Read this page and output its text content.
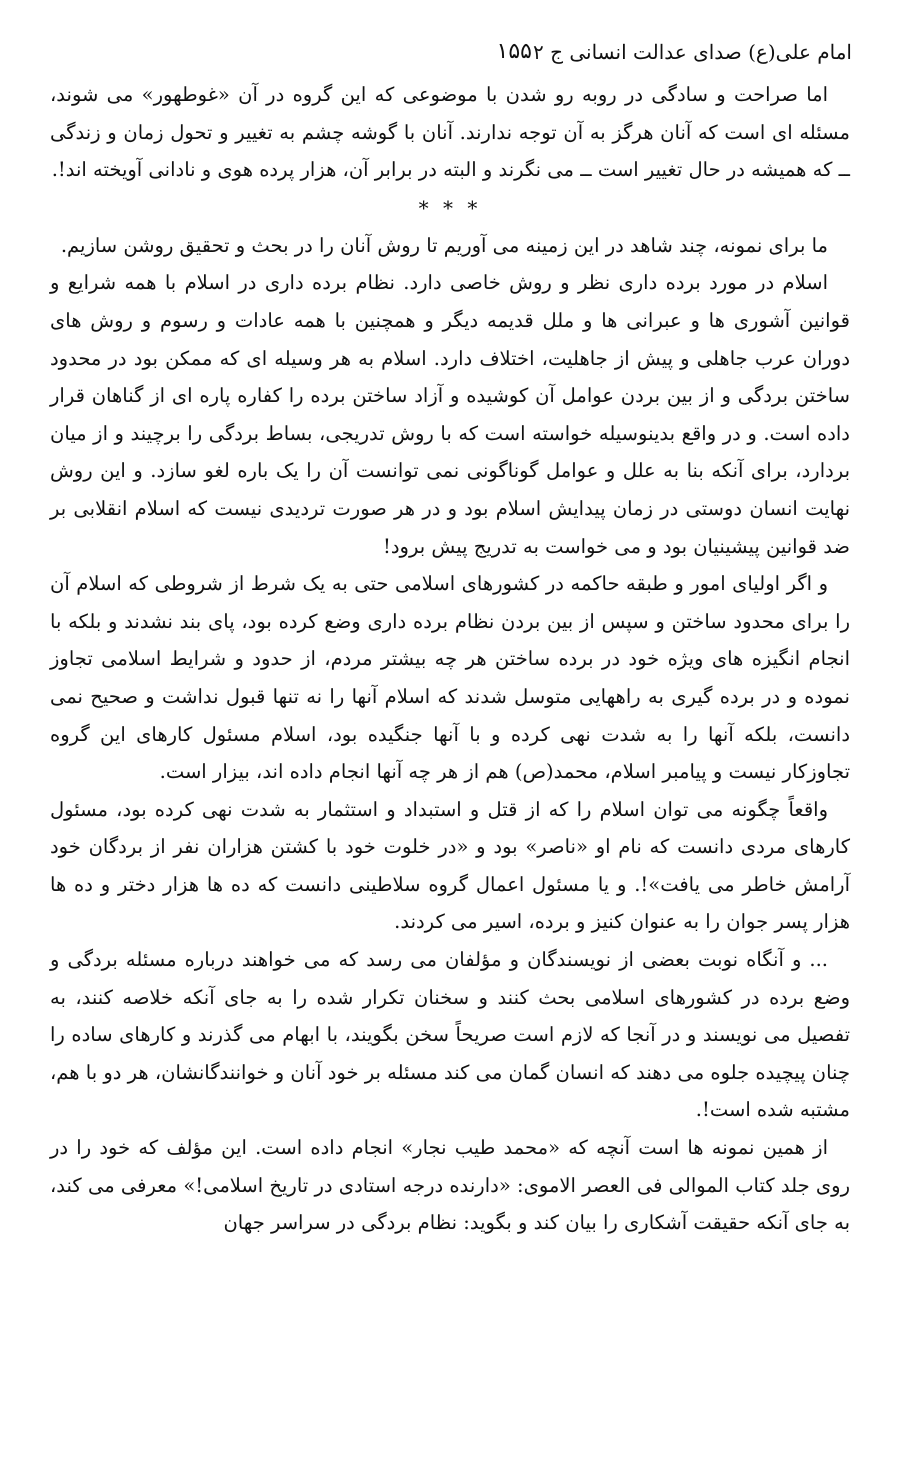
امام علی(ع) صدای عدالت انسانی ج ۲
۱۵۵

اما صراحت و سادگی در روبه رو شدن با موضوعی که این گروه در آن «غوطهور» می شوند، مسئله ای است که آنان هرگز به آن توجه ندارند. آنان با گوشه چشم به تغییر و تحول زمان و زندگی ــ که همیشه در حال تغییر است ــ می نگرند و البته در برابر آن، هزار پرده هوی و نادانی آویخته اند!.

* * *

ما برای نمونه، چند شاهد در این زمینه می آوریم تا روش آنان را در بحث و تحقیق روشن سازیم.

اسلام در مورد برده داری نظر و روش خاصی دارد. نظام برده داری در اسلام با همه شرایع و قوانین آشوری ها و عبرانی ها و ملل قدیمه دیگر و همچنین با همه عادات و رسوم و روش های دوران عرب جاهلی و پیش از جاهلیت، اختلاف دارد. اسلام به هر وسیله ای که ممکن بود در محدود ساختن بردگی و از بین بردن عوامل آن کوشیده و آزاد ساختن برده را کفاره پاره ای از گناهان قرار داده است. و در واقع بدینوسیله خواسته است که با روش تدریجی، بساط بردگی را برچیند و از میان بردارد، برای آنکه بنا به علل و عوامل گوناگونی نمی توانست آن را یک باره لغو سازد. و این روش نهایت انسان دوستی در زمان پیدایش اسلام بود و در هر صورت تردیدی نیست که اسلام انقلابی بر ضد قوانین پیشینیان بود و می خواست به تدریج پیش برود!

و اگر اولیای امور و طبقه حاکمه در کشورهای اسلامی حتی به یک شرط از شروطی که اسلام آن را برای محدود ساختن و سپس از بین بردن نظام برده داری وضع کرده بود، پای بند نشدند و بلکه با انجام انگیزه های ویژه خود در برده ساختن هر چه بیشتر مردم، از حدود و شرایط اسلامی تجاوز نموده و در برده گیری به راههایی متوسل شدند که اسلام آنها را نه تنها قبول نداشت و صحیح نمی دانست، بلکه آنها را به شدت نهی کرده و با آنها جنگیده بود، اسلام مسئول کارهای این گروه تجاوزکار نیست و پیامبر اسلام، محمد(ص) هم از هر چه آنها انجام داده اند، بیزار است.

واقعاً چگونه می توان اسلام را که از قتل و استبداد و استثمار به شدت نهی کرده بود، مسئول کارهای مردی دانست که نام او «ناصر» بود و «در خلوت خود با کشتن هزاران نفر از بردگان خود آرامش خاطر می یافت»!. و یا مسئول اعمال گروه سلاطینی دانست که ده ها هزار دختر و ده ها هزار پسر جوان را به عنوان کنیز و برده، اسیر می کردند.

... و آنگاه نوبت بعضی از نویسندگان و مؤلفان می رسد که می خواهند درباره مسئله بردگی و وضع برده در کشورهای اسلامی بحث کنند و سخنان تکرار شده را به جای آنکه خلاصه کنند، به تفصیل می نویسند و در آنجا که لازم است صریحاً سخن بگویند، با ابهام می گذرند و کارهای ساده را چنان پیچیده جلوه می دهند که انسان گمان می کند مسئله بر خود آنان و خوانندگانشان، هر دو با هم، مشتبه شده است!.

از همین نمونه ها است آنچه که «محمد طیب نجار» انجام داده است. این مؤلف که خود را در روی جلد کتاب الموالی فی العصر الاموی: «دارنده درجه استادی در تاریخ اسلامی!» معرفی می کند، به جای آنکه حقیقت آشکاری را بیان کند و بگوید: نظام بردگی در سراسر جهان
